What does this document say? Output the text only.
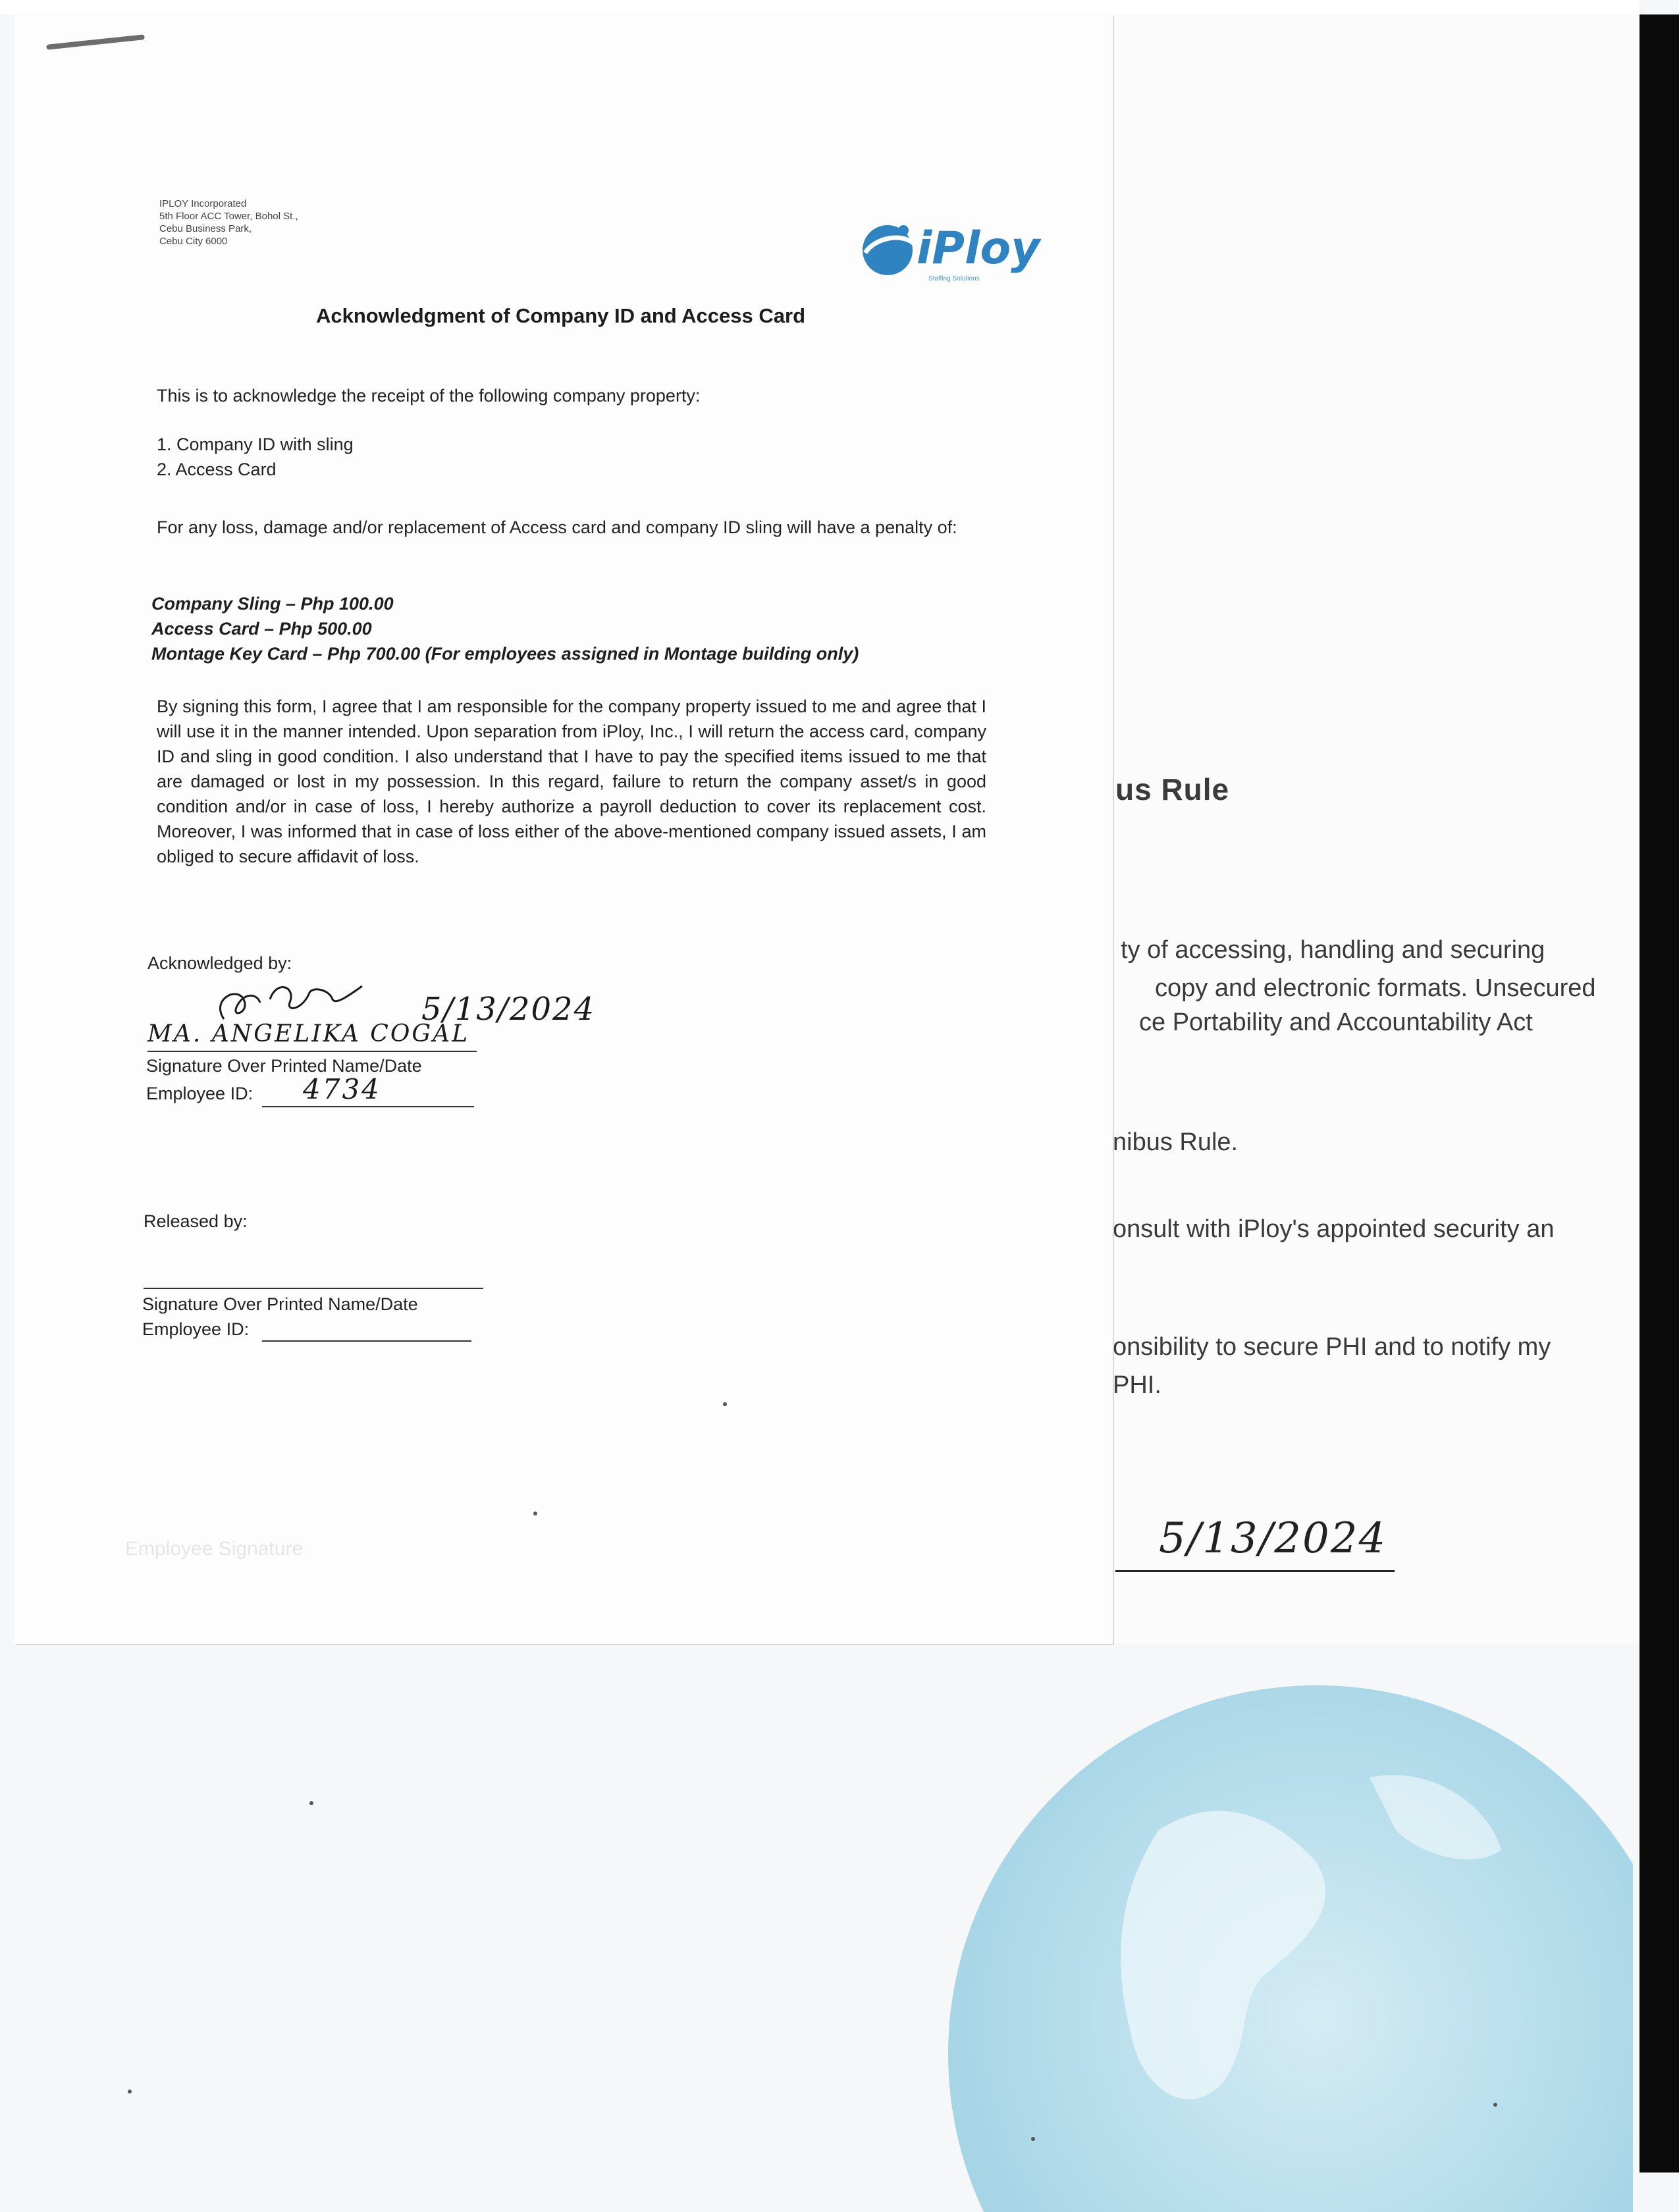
us Rule
ty of accessing, handling and securing
copy and electronic formats. Unsecured
ce Portability and Accountability Act
nibus Rule.
onsult with iPloy's appointed security an
onsibility to secure PHI and to notify my
PHI.
5/13/2024
IPLOY Incorporated
5th Floor ACC Tower, Bohol St.,
Cebu Business Park,
Cebu City 6000	iPloy
Staffing Solutions
Acknowledgment of Company ID and Access Card
This is to acknowledge the receipt of the following company property:
1. Company ID with sling
2. Access Card
For any loss, damage and/or replacement of Access card and company ID sling will have a penalty of:
Company Sling – Php 100.00
Access Card – Php 500.00
Montage Key Card – Php 700.00 (For employees assigned in Montage building only)
By signing this form, I agree that I am responsible for the company property issued to me and agree that I will use it in the manner intended. Upon separation from iPloy, Inc., I will return the access card, company ID and sling in good condition. I also understand that I have to pay the specified items issued to me that are damaged or lost in my possession. In this regard, failure to return the company asset/s in good condition and/or in case of loss, I hereby authorize a payroll deduction to cover its replacement cost. Moreover, I was informed that in case of loss either of the above-mentioned company issued assets, I am obliged to secure affidavit of loss.
Acknowledged by:
5/13/2024
MA. ANGELIKA COGAL
Signature Over Printed Name/Date
Employee ID: 4734
Released by:
Signature Over Printed Name/Date
Employee ID:
Employee Signature
